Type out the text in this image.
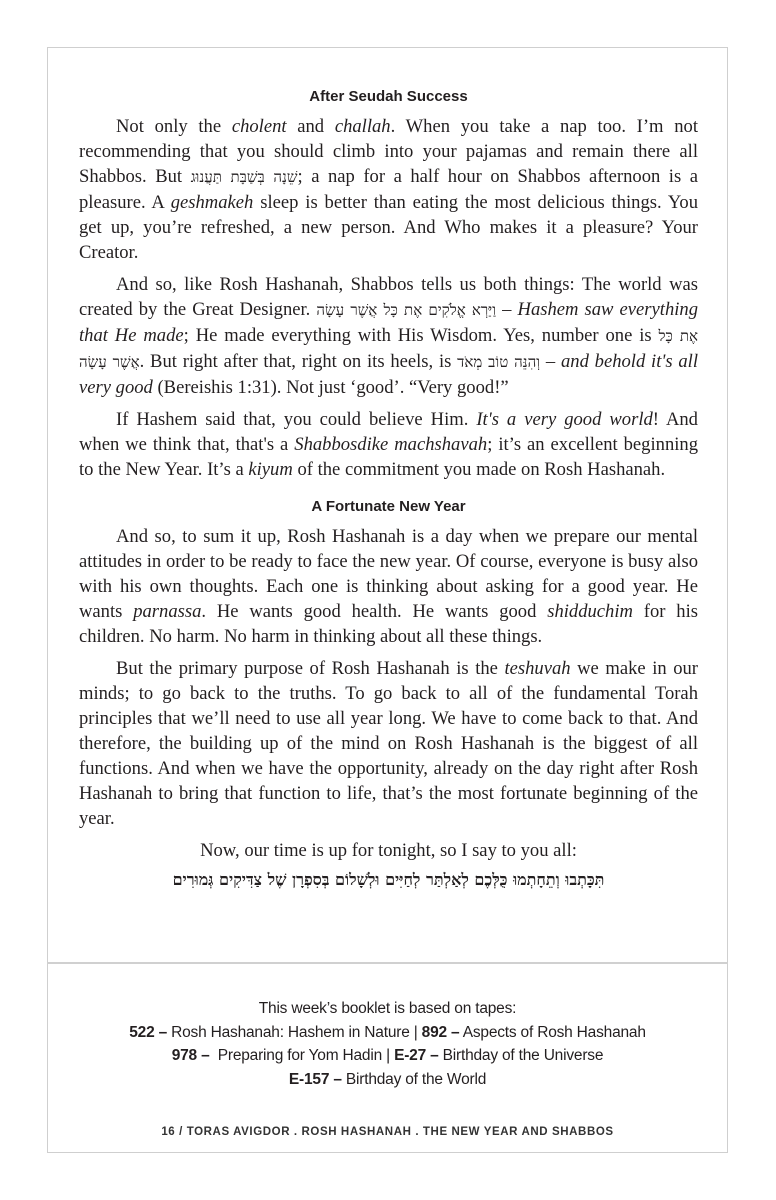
After Seudah Success

Not only the cholent and challah. When you take a nap too. I’m not recommending that you should climb into your pajamas and remain there all Shabbos. But שֵׁנָה בְּשַׁבָּת תַּעֲנוּג; a nap for a half hour on Shabbos afternoon is a pleasure. A geshmakeh sleep is better than eating the most delicious things. You get up, you’re refreshed, a new person. And Who makes it a pleasure? Your Creator.

And so, like Rosh Hashanah, Shabbos tells us both things: The world was created by the Great Designer. וַיַּרְא אֱלֹקִים אֶת כָּל אֲשֶׁר עָשָׂה – Hashem saw everything that He made; He made everything with His Wisdom. Yes, number one is אֶת כָּל אֲשֶׁר עָשָׂה. But right after that, right on its heels, is וְהִנֵּה טוֹב מְאֹד – and behold it's all very good (Bereishis 1:31). Not just ‘good’. “Very good!”

If Hashem said that, you could believe Him. It's a very good world! And when we think that, that's a Shabbosdike machshavah; it’s an excellent beginning to the New Year. It’s a kiyum of the commitment you made on Rosh Hashanah.

A Fortunate New Year

And so, to sum it up, Rosh Hashanah is a day when we prepare our mental attitudes in order to be ready to face the new year. Of course, everyone is busy also with his own thoughts. Each one is thinking about asking for a good year. He wants parnassa. He wants good health. He wants good shidduchim for his children. No harm. No harm in thinking about all these things.

But the primary purpose of Rosh Hashanah is the teshuvah we make in our minds; to go back to the truths. To go back to all of the fundamental Torah principles that we’ll need to use all year long. We have to come back to that. And therefore, the building up of the mind on Rosh Hashanah is the biggest of all functions. And when we have the opportunity, already on the day right after Rosh Hashanah to bring that function to life, that’s the most fortunate beginning of the year.

Now, our time is up for tonight, so I say to you all:

תִּכָּתְבוּ וְתֵחָתְמוּ כֻּלְּכֶם לְאַלְתַּר לְחַיִּים וּלְשָׁלוֹם בְּסִפְרָן שֶׁל צַדִּיקִים גְּמוּרִים
This week’s booklet is based on tapes:
522 – Rosh Hashanah: Hashem in Nature | 892 – Aspects of Rosh Hashanah
978 –  Preparing for Yom Hadin | E-27 – Birthday of the Universe
E-157 – Birthday of the World
16 / TORAS AVIGDOR . ROSH HASHANAH . THE NEW YEAR AND SHABBOS
